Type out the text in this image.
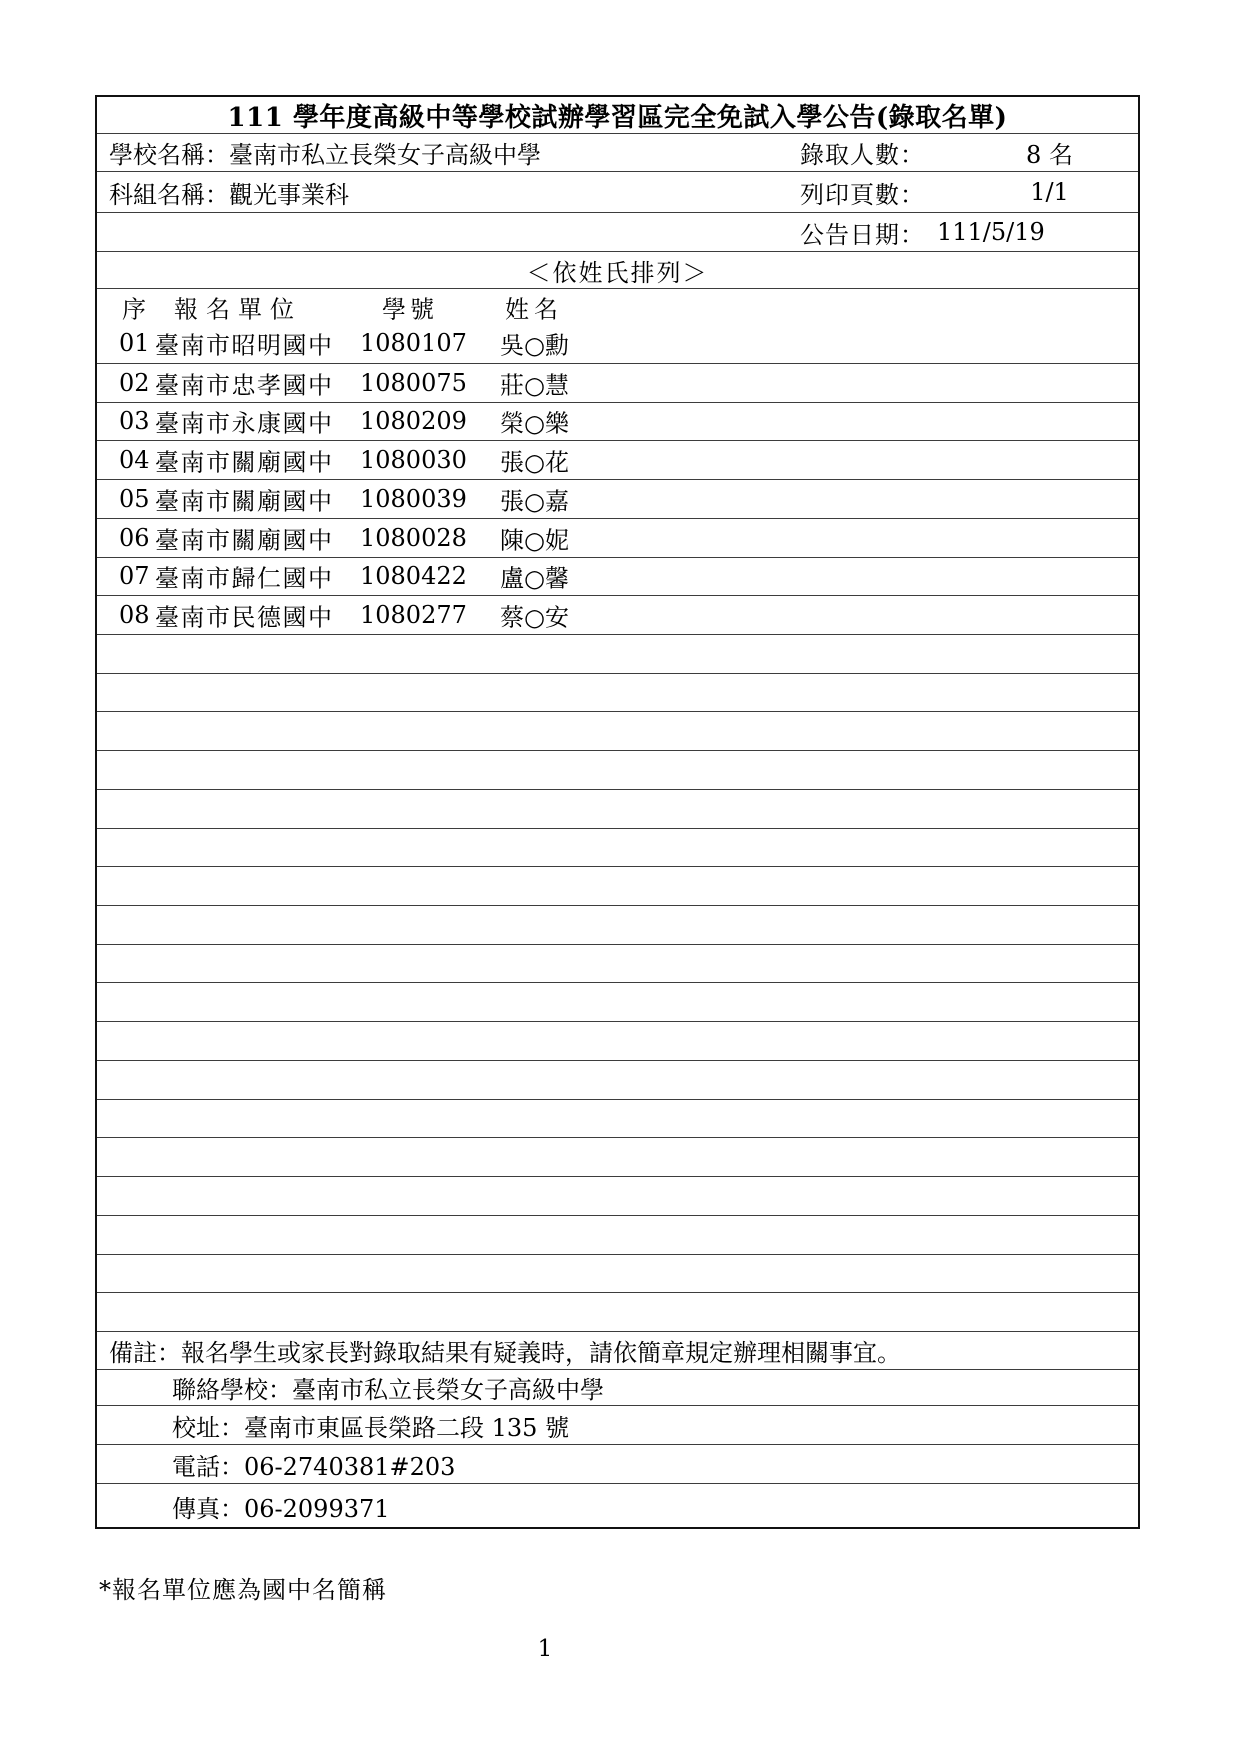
111 學年度高級中等學校試辦學習區完全免試入學公告(錄取名單)
學校名稱：臺南市私立長榮女子高級中學	錄取人數：	8 名
科組名稱：觀光事業科	列印頁數：	1/1
公告日期： 111/5/19
＜依姓氏排列＞
序 報名單位	學號	姓名
01 臺南市昭明國中 1080107 吳○勳
02 臺南市忠孝國中 1080075 莊○慧
03 臺南市永康國中 1080209 榮○樂
04 臺南市關廟國中 1080030 張○花
05 臺南市關廟國中 1080039 張○嘉
06 臺南市關廟國中 1080028 陳○妮
07 臺南市歸仁國中 1080422 盧○馨
08 臺南市民德國中 1080277 蔡○安
備註：報名學生或家長對錄取結果有疑義時，請依簡章規定辦理相關事宜。
聯絡學校：臺南市私立長榮女子高級中學
校址：臺南市東區長榮路二段 135 號
電話：06-2740381#203
傳真：06-2099371
*報名單位應為國中名簡稱
1
